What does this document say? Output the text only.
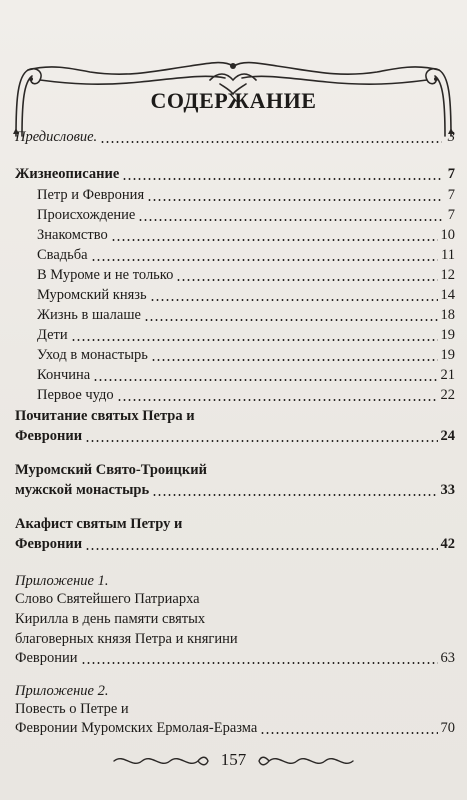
СОДЕРЖАНИЕ
Предисловие.	3
Жизнеописание	7
Петр и Феврония	7
Происхождение	7
Знакомство	10
Свадьба	11
В Муроме и не только	12
Муромский князь	14
Жизнь в шалаше	18
Дети	19
Уход в монастырь	19
Кончина	21
Первое чудо	22
Почитание святых Петра и
Февронии	24
Муромский Свято-Троицкий
мужской монастырь	33
Акафист святым Петру и
Февронии	42
Приложение 1.
Слово Святейшего Патриарха
Кирилла в день памяти святых
благоверных князя Петра и княгини
Февронии	63
Приложение 2.
Повесть о Петре и
Февронии Муромских Ермолая-Еразма	70
157
